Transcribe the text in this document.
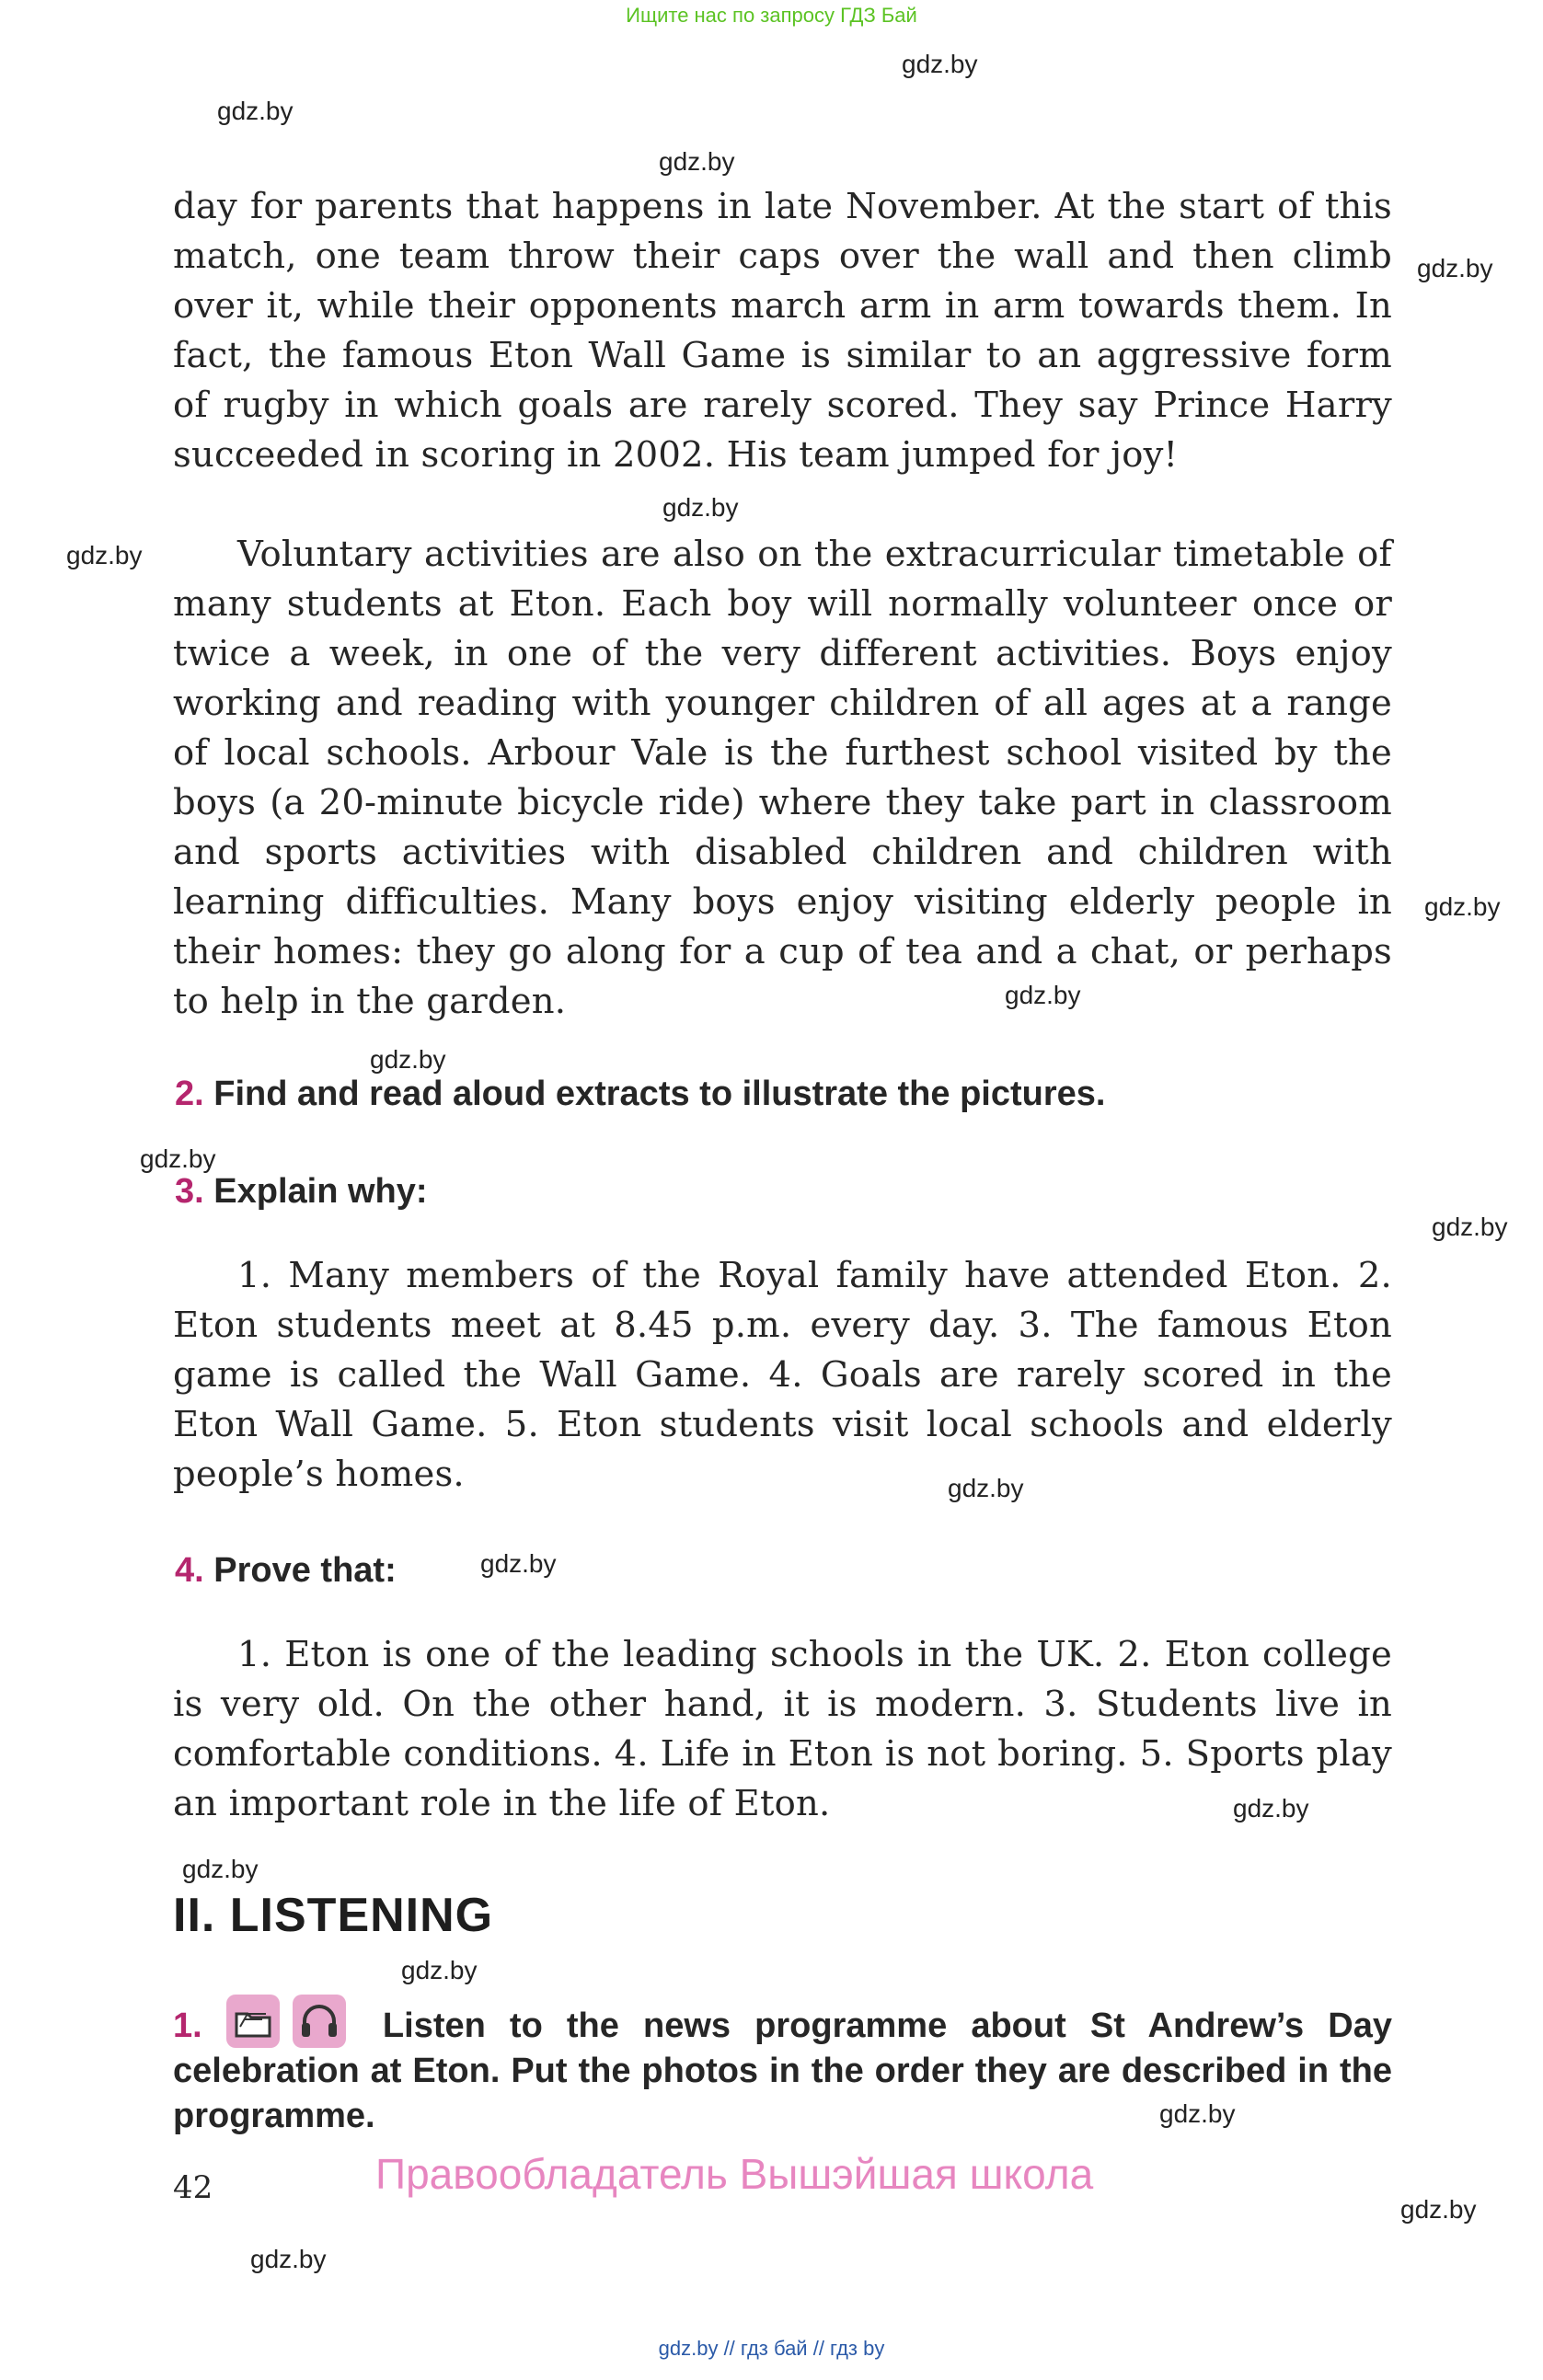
Ищите нас по запросу ГДЗ Бай
gdz.by
gdz.by
gdz.by
gdz.by
gdz.by
gdz.by
gdz.by
gdz.by
gdz.by
gdz.by
gdz.by
gdz.by
gdz.by
gdz.by
gdz.by
gdz.by
gdz.by
gdz.by
gdz.by
day for parents that happens in late November. At the start of this match, one team throw their caps over the wall and then climb over it, while their opponents march arm in arm towards them. In fact, the famous Eton Wall Game is similar to an aggressive form of rugby in which goals are rarely scored. They say Prince Harry succeeded in scoring in 2002. His team jumped for joy!
Voluntary activities are also on the extracurricular timetable of many students at Eton. Each boy will normally volunteer once or twice a week, in one of the very different activities. Boys enjoy working and reading with younger children of all ages at a range of local schools. Arbour Vale is the furthest school visited by the boys (a 20-minute bicycle ride) where they take part in classroom and sports activities with disabled children and children with learning difficulties. Many boys enjoy visiting elderly people in their homes: they go along for a cup of tea and a chat, or perhaps to help in the garden.
2. Find and read aloud extracts to illustrate the pictures.
3. Explain why:
1. Many members of the Royal family have attended Eton. 2. Eton students meet at 8.45 p.m. every day. 3. The famous Eton game is called the Wall Game. 4. Goals are rarely scored in the Eton Wall Game. 5. Eton students visit local schools and elderly people’s homes.
4. Prove that:
1. Eton is one of the leading schools in the UK. 2. Eton college is very old. On the other hand, it is modern. 3. Students live in comfortable conditions. 4. Life in Eton is not boring. 5. Sports play an important role in the life of Eton.
II. LISTENING
1.	Listen to the news programme about St Andrew’s Day celebration at Eton. Put the photos in the order they are described in the programme.
42	Правообладатель Вышэйшая школа
gdz.by // гдз бай // гдз by
